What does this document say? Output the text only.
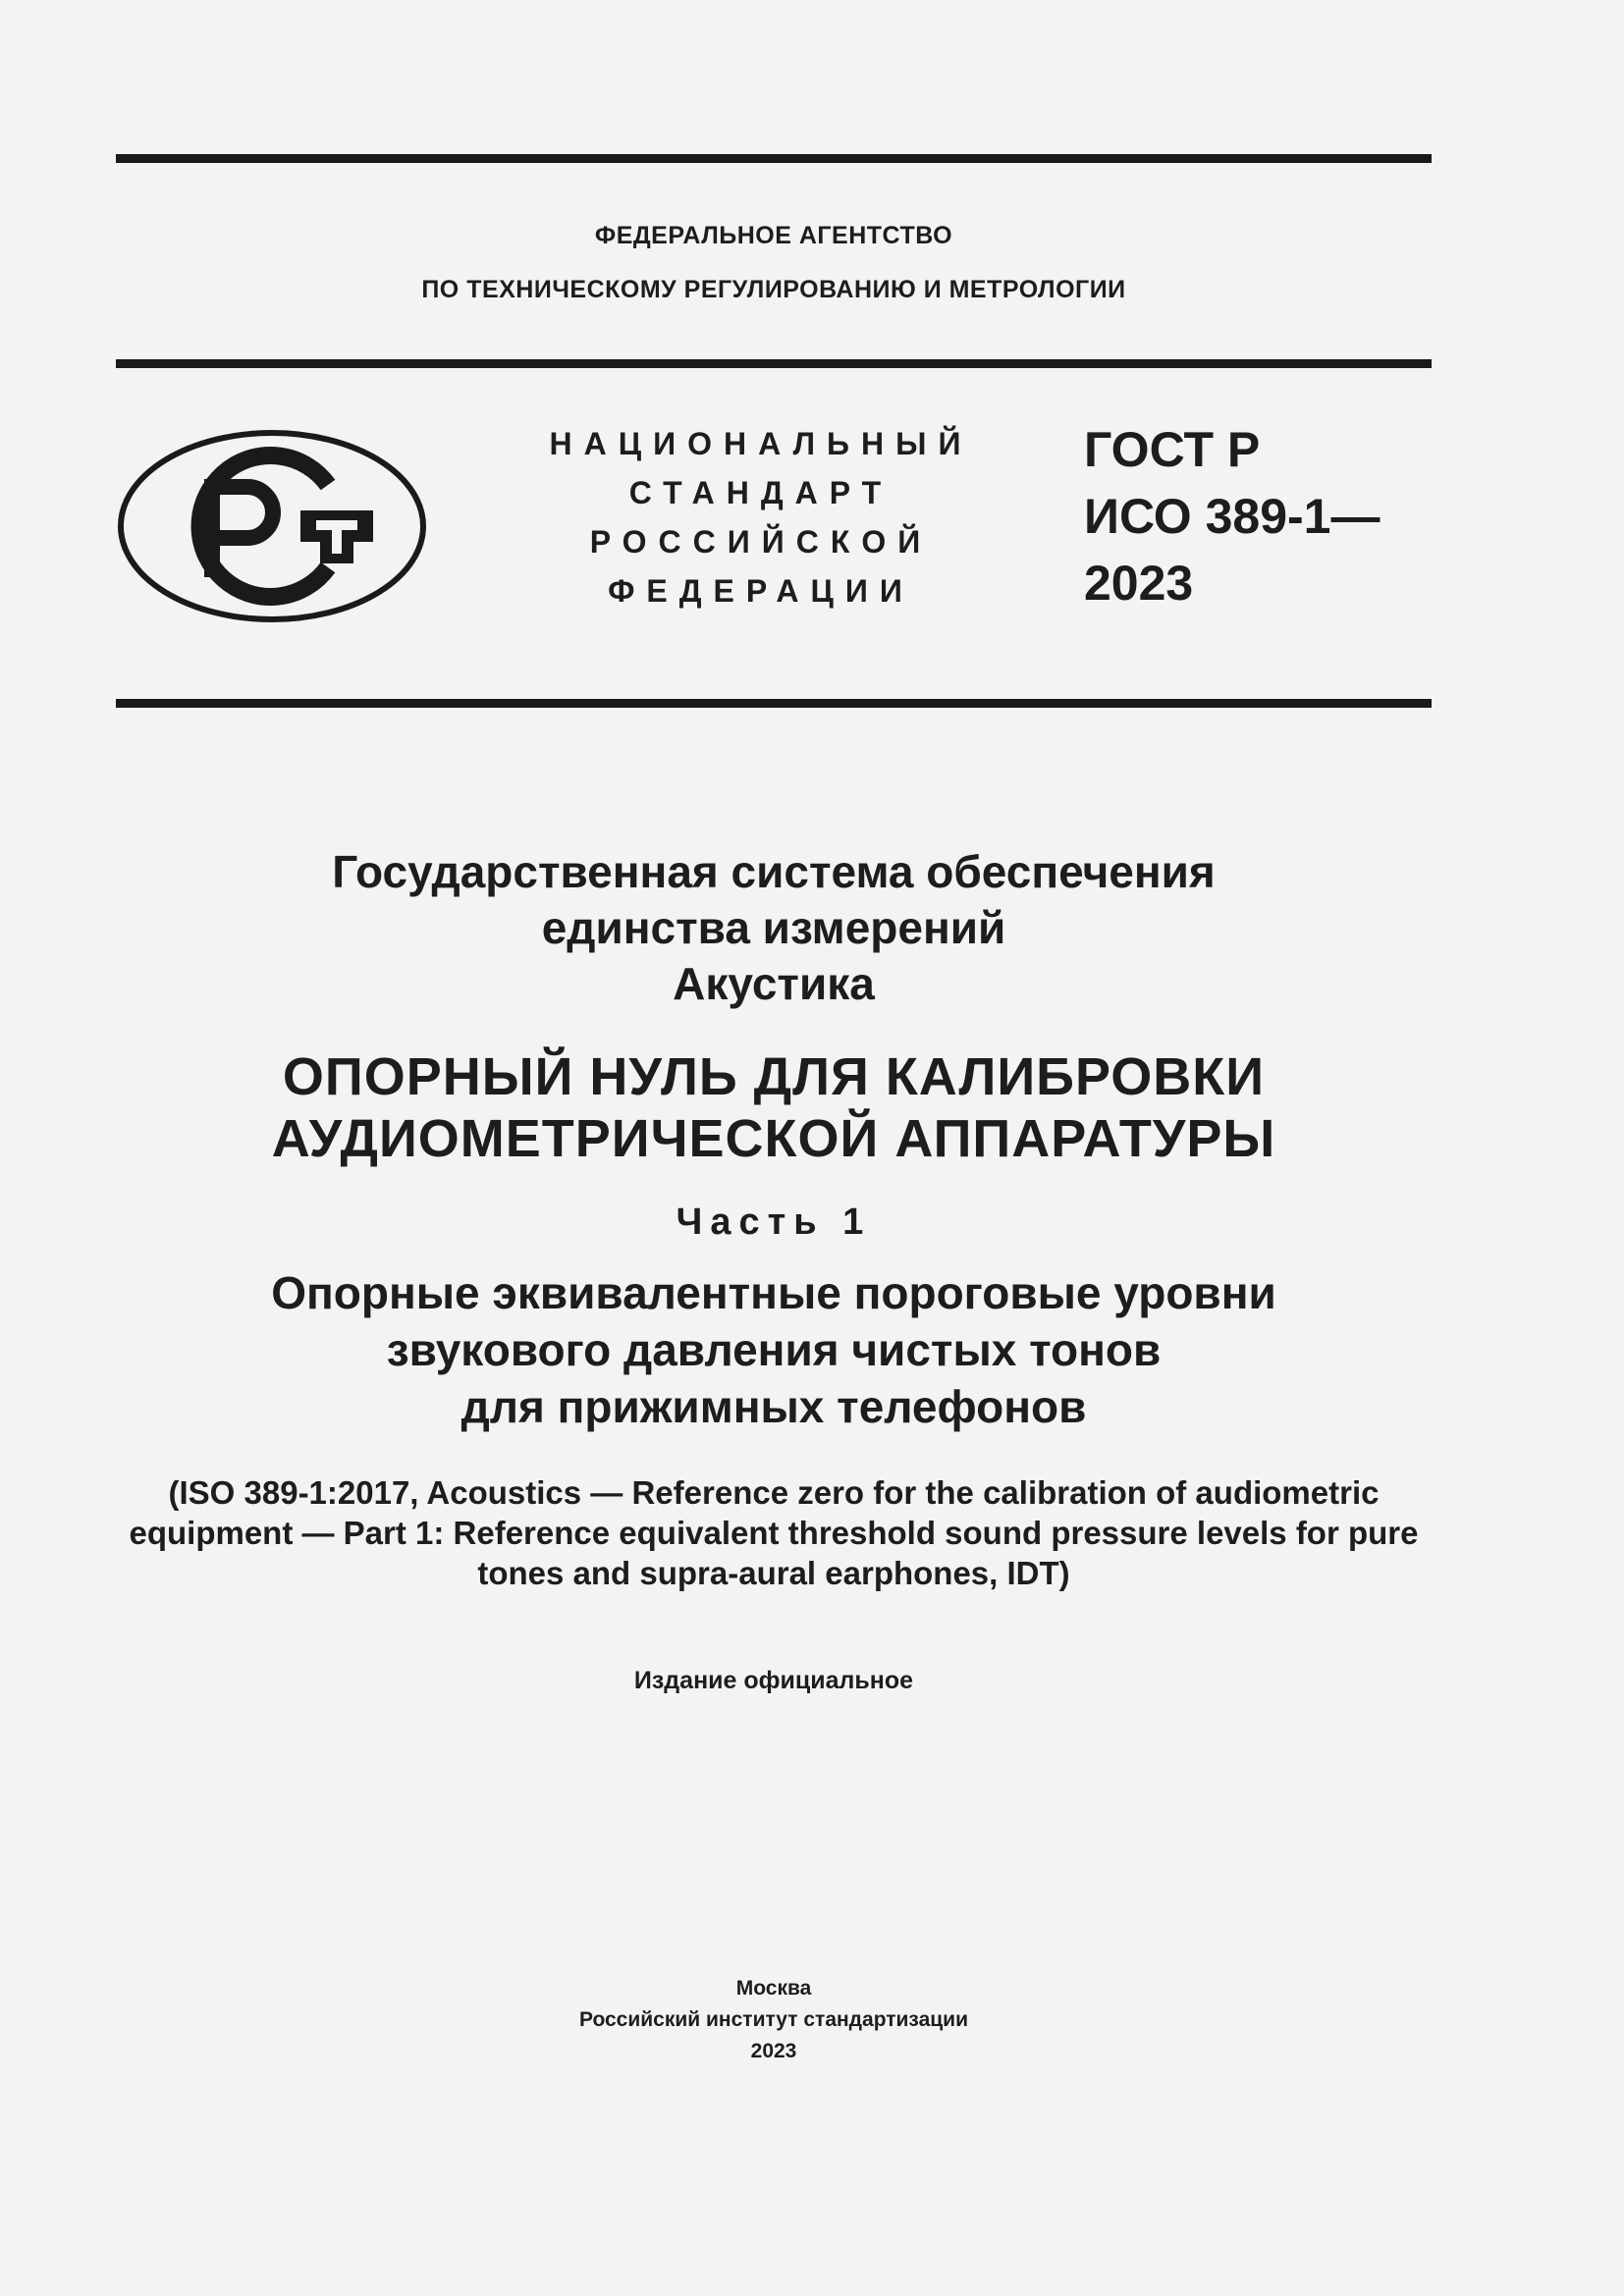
ФЕДЕРАЛЬНОЕ АГЕНТСТВО
ПО ТЕХНИЧЕСКОМУ РЕГУЛИРОВАНИЮ И МЕТРОЛОГИИ
НАЦИОНАЛЬНЫЙ
СТАНДАРТ
РОССИЙСКОЙ
ФЕДЕРАЦИИ
ГОСТ Р
ИСО 389-1—
2023
Государственная система обеспечения
единства измерений
Акустика
ОПОРНЫЙ НУЛЬ ДЛЯ КАЛИБРОВКИ
АУДИОМЕТРИЧЕСКОЙ АППАРАТУРЫ
Часть 1
Опорные эквивалентные пороговые уровни
звукового давления чистых тонов
для прижимных телефонов
(ISO 389-1:2017, Acoustics — Reference zero for the calibration of audiometric
equipment — Part 1: Reference equivalent threshold sound pressure levels for pure
tones and supra-aural earphones, IDT)
Издание официальное
Москва
Российский институт стандартизации
2023
